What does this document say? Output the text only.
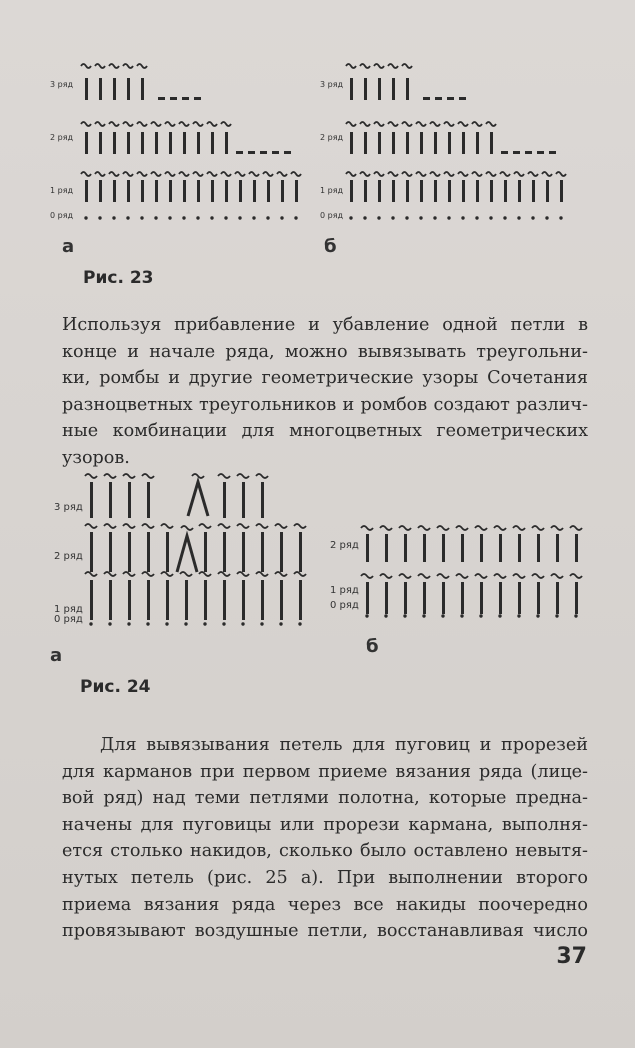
3 ряд
2 ряд
1 ряд
0 ряд
а
3 ряд
2 ряд
1 ряд
0 ряд
б
Рис. 23
Используя прибавление и убавление одной петли в
конце и начале ряда, можно вывязывать треугольни-
ки, ромбы и другие геометрические узоры Сочетания
разноцветных треугольников и ромбов создают различ-
ные комбинации для многоцветных геометрических
узоров.
3 ряд
2 ряд
1 ряд
0 ряд
а
2 ряд
1 ряд
0 ряд
б
Рис. 24
Для вывязывания петель для пуговиц и прорезей
для карманов при первом приеме вязания ряда (лице-
вой ряд) над теми петлями полотна, которые предна-
начены для пуговицы или прорези кармана, выполня-
ется столько накидов, сколько было оставлено невытя-
нутых петель (рис. 25 а). При выполнении второго
приема вязания ряда через все накиды поочередно
провязывают воздушные петли, восстанавливая число
37
